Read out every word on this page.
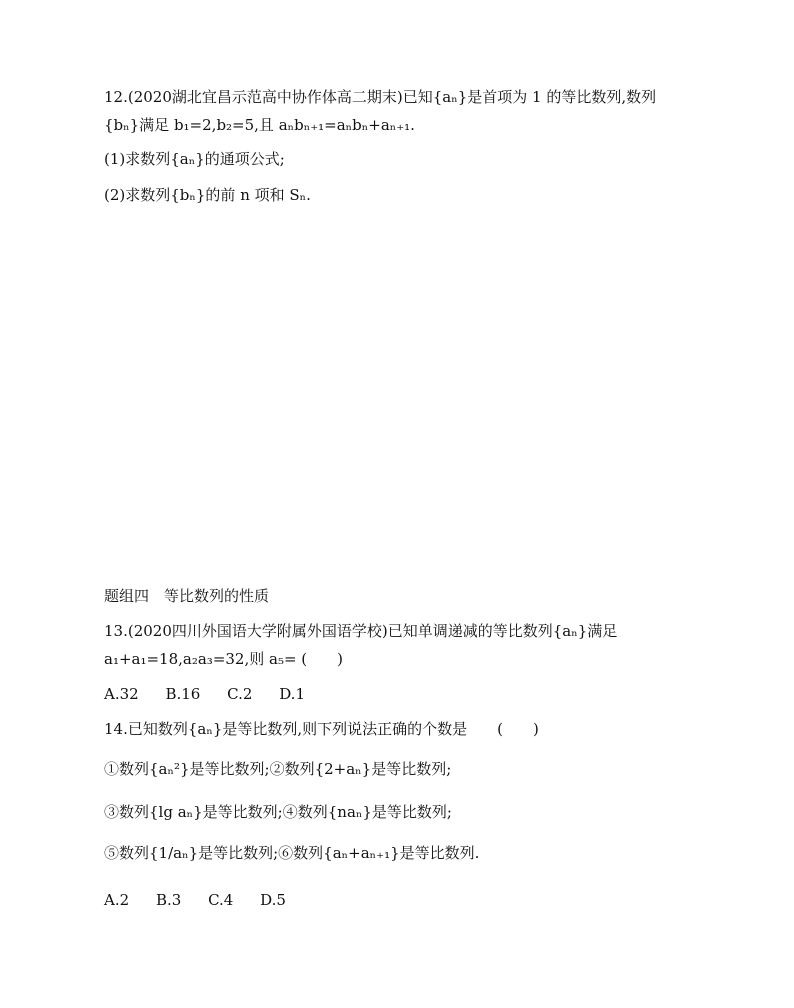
12.(2020湖北宜昌示范高中协作体高二期末)已知{aₙ}是首项为 1 的等比数列,数列
{bₙ}满足 b₁=2,b₂=5,且 aₙbₙ₊₁=aₙbₙ+aₙ₊₁.
(1)求数列{aₙ}的通项公式;
(2)求数列{bₙ}的前 n 项和 Sₙ.
题组四　等比数列的性质
13.(2020四川外国语大学附属外国语学校)已知单调递减的等比数列{aₙ}满足
a₁+a₁=18,a₂a₃=32,则 a₅= (　　)
A.32 B.16 C.2 D.1
14.已知数列{aₙ}是等比数列,则下列说法正确的个数是　　(　　)
①数列{aₙ²}是等比数列;②数列{2+aₙ}是等比数列;
③数列{lg aₙ}是等比数列;④数列{naₙ}是等比数列;
⑤数列{1/aₙ}是等比数列;⑥数列{aₙ+aₙ₊₁}是等比数列.
A.2 B.3 C.4 D.5
